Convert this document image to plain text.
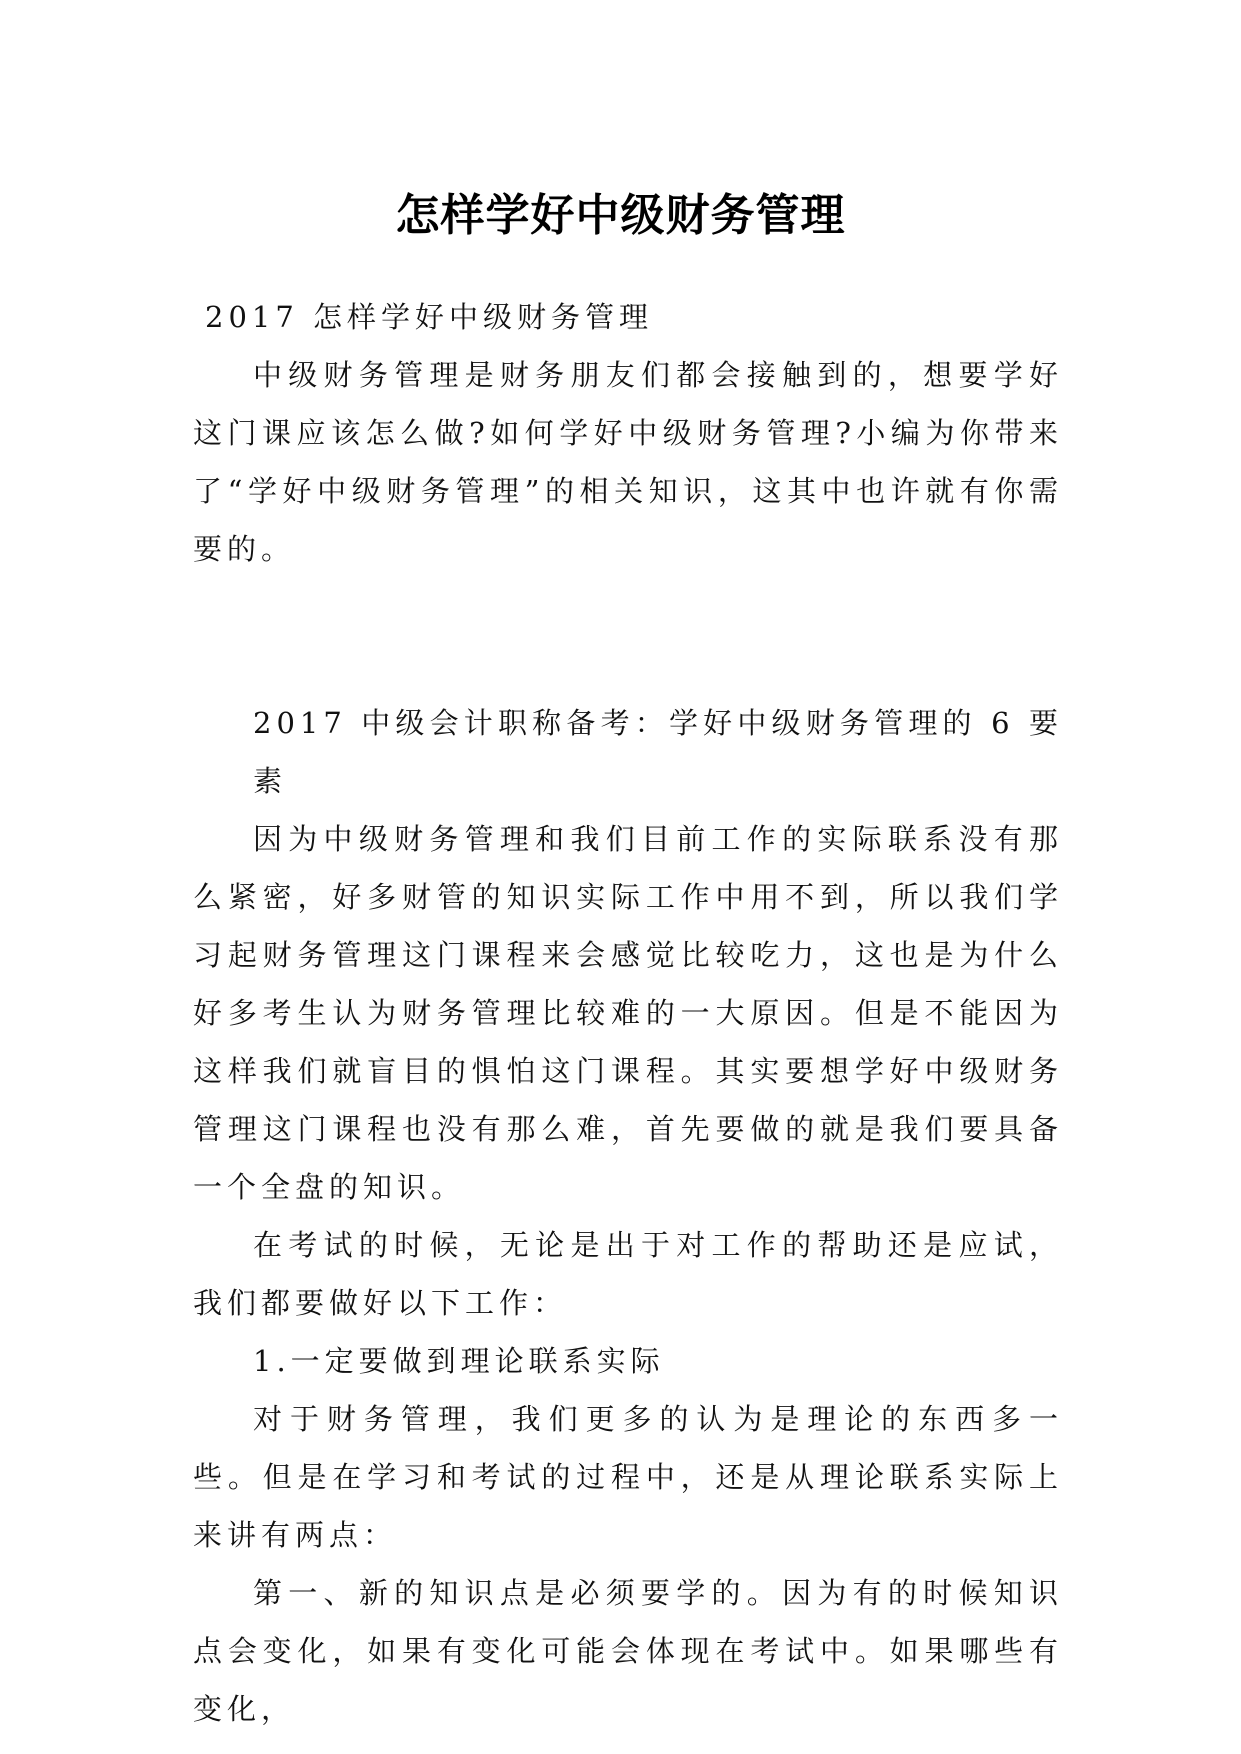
怎样学好中级财务管理

2017 怎样学好中级财务管理

中级财务管理是财务朋友们都会接触到的，想要学好这门课应该怎么做?如何学好中级财务管理?小编为你带来了“学好中级财务管理”的相关知识，这其中也许就有你需要的。

2017 中级会计职称备考：学好中级财务管理的 6 要素

因为中级财务管理和我们目前工作的实际联系没有那么紧密，好多财管的知识实际工作中用不到，所以我们学习起财务管理这门课程来会感觉比较吃力，这也是为什么好多考生认为财务管理比较难的一大原因。但是不能因为这样我们就盲目的惧怕这门课程。其实要想学好中级财务管理这门课程也没有那么难，首先要做的就是我们要具备一个全盘的知识。

在考试的时候，无论是出于对工作的帮助还是应试，我们都要做好以下工作：

1.一定要做到理论联系实际

对于财务管理，我们更多的认为是理论的东西多一些。但是在学习和考试的过程中，还是从理论联系实际上来讲有两点：

第一、新的知识点是必须要学的。因为有的时候知识点会变化，如果有变化可能会体现在考试中。如果哪些有变化，
